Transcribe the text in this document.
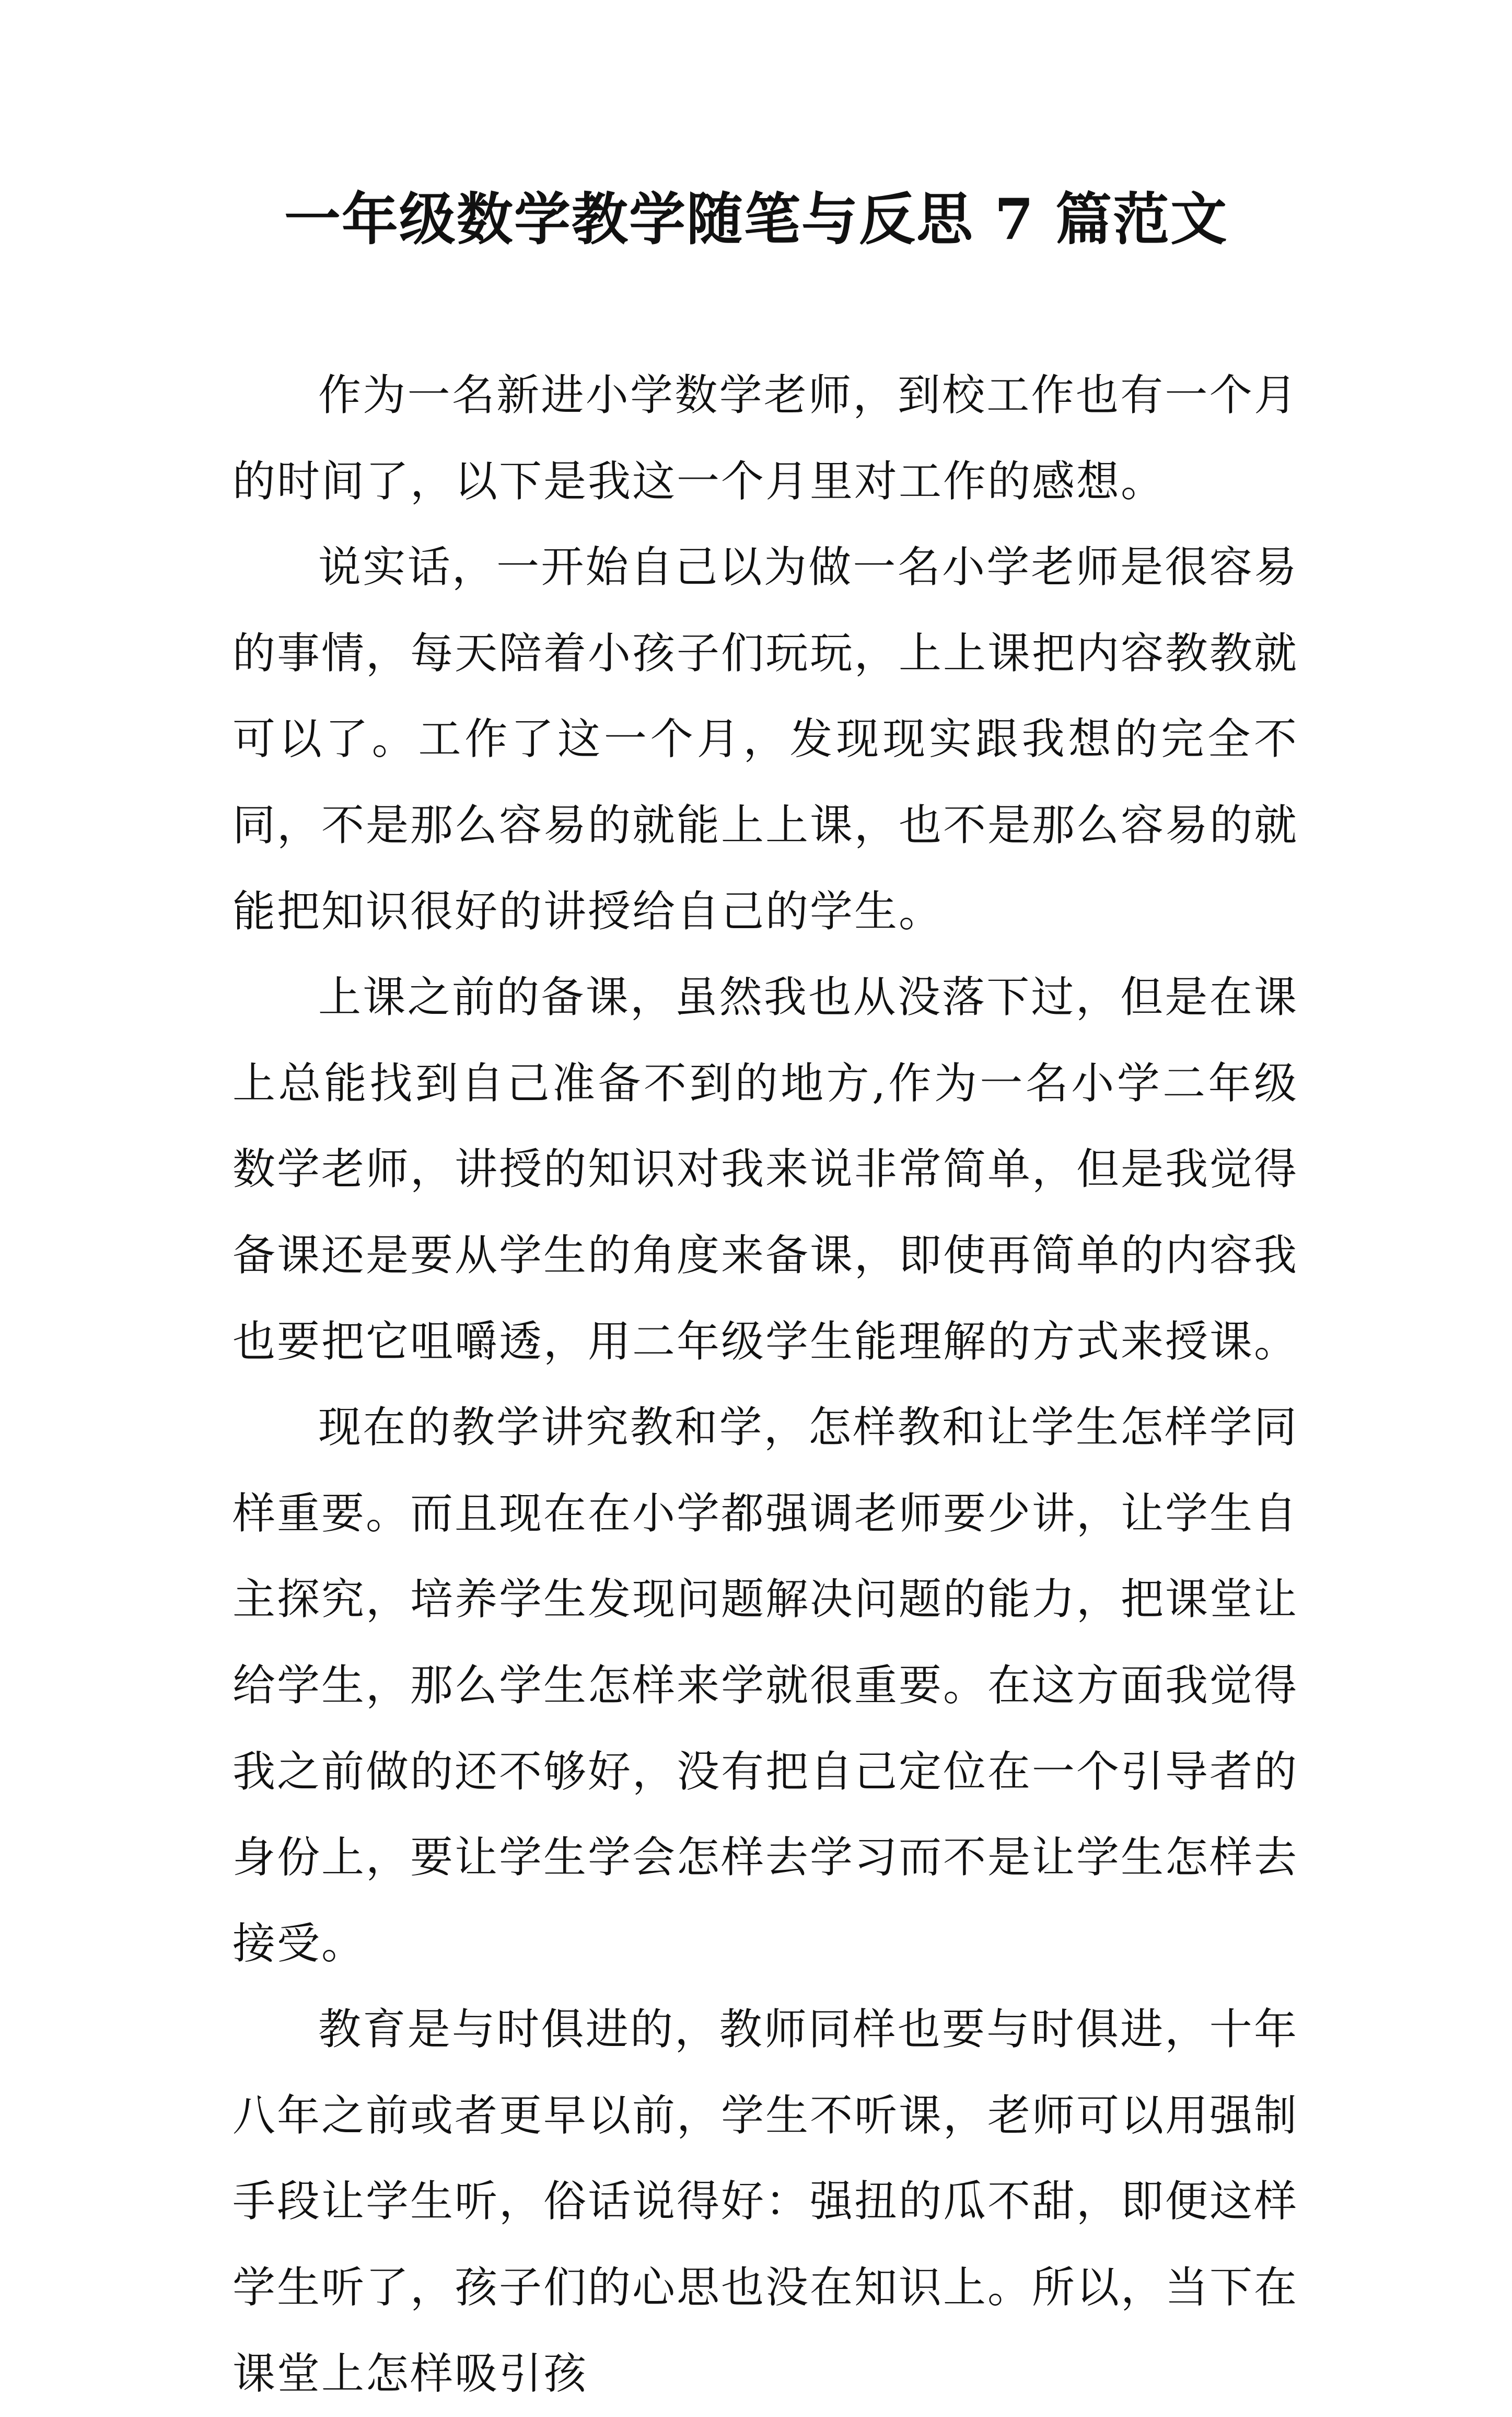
一年级数学教学随笔与反思 7 篇范文

作为一名新进小学数学老师，到校工作也有一个月的时间了，以下是我这一个月里对工作的感想。

说实话，一开始自己以为做一名小学老师是很容易的事情，每天陪着小孩子们玩玩，上上课把内容教教就可以了。工作了这一个月，发现现实跟我想的完全不同，不是那么容易的就能上上课，也不是那么容易的就能把知识很好的讲授给自己的学生。

上课之前的备课，虽然我也从没落下过，但是在课上总能找到自己准备不到的地方,作为一名小学二年级数学老师，讲授的知识对我来说非常简单，但是我觉得备课还是要从学生的角度来备课，即使再简单的内容我也要把它咀嚼透，用二年级学生能理解的方式来授课。

现在的教学讲究教和学，怎样教和让学生怎样学同样重要。而且现在在小学都强调老师要少讲，让学生自主探究，培养学生发现问题解决问题的能力，把课堂让给学生，那么学生怎样来学就很重要。在这方面我觉得我之前做的还不够好，没有把自己定位在一个引导者的身份上，要让学生学会怎样去学习而不是让学生怎样去接受。

教育是与时俱进的，教师同样也要与时俱进，十年八年之前或者更早以前，学生不听课，老师可以用强制手段让学生听，俗话说得好：强扭的瓜不甜，即便这样学生听了，孩子们的心思也没在知识上。所以，当下在课堂上怎样吸引孩
